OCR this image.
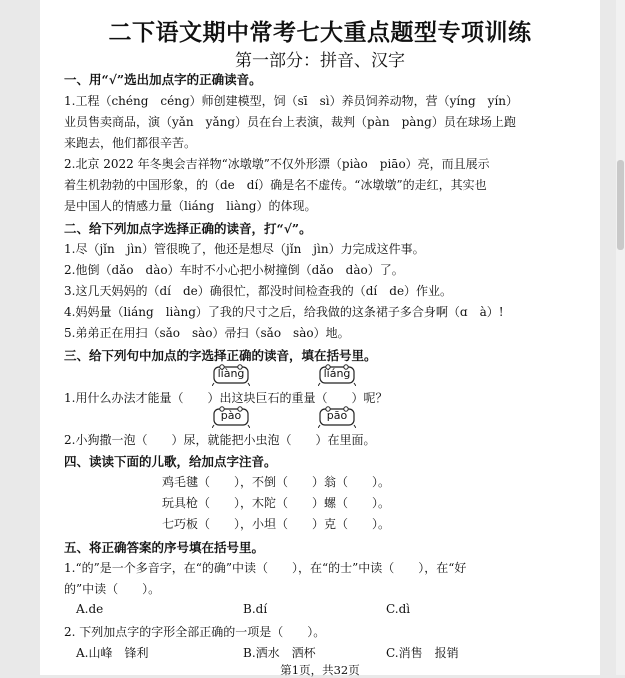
二下语文期中常考七大重点题型专项训练
第一部分：拼音、汉字
一、用“√”选出加点字的正确读音。
1.工程（chéng　céng）师创建模型，饲（sī　sì）养员饲养动物，营（yíng　yín）
业员售卖商品，演（yǎn　yǎng）员在台上表演，裁判（pàn　pàng）员在球场上跑
来跑去，他们都很辛苦。
2.北京 2022 年冬奥会吉祥物“冰墩墩”不仅外形漂（piào　piāo）亮，而且展示
着生机勃勃的中国形象，的（de　dí）确是名不虚传。“冰墩墩”的走红，其实也
是中国人的情感力量（liáng　liàng）的体现。
二、给下列加点字选择正确的读音，打“√”。
1.尽（jǐn　jìn）管很晚了，他还是想尽（jǐn　jìn）力完成这件事。
2.他倒（dǎo　dào）车时不小心把小树撞倒（dǎo　dào）了。
3.这几天妈妈的（dí　de）确很忙，都没时间检查我的（dí　de）作业。
4.妈妈量（liáng　liàng）了我的尺寸之后，给我做的这条裙子多合身啊（ɑ　à）!
5.弟弟正在用扫（sǎo　sào）帚扫（sǎo　sào）地。
三、给下列句中加点的字选择正确的读音，填在括号里。
liàng	liáng
1.用什么办法才能量（　　）出这块巨石的重量（　　）呢？
pào	pāo
2.小狗撒一泡（　　）尿，就能把小虫泡（　　）在里面。
四、读读下面的儿歌，给加点字注音。
鸡毛毽（　　），不倒（　　）翁（　　）。
玩具枪（　　），木陀（　　）螺（　　）。
七巧板（　　），小坦（　　）克（　　）。
五、将正确答案的序号填在括号里。
1.“的”是一个多音字，在“的确”中读（　　），在“的士”中读（　　），在“好
的”中读（　　）。
A.de	B.dí	C.dì
2. 下列加点字的字形全部正确的一项是（　　）。
A.山峰　锋利	B.洒水　洒杯	C.消售　报销
第1页，共32页
